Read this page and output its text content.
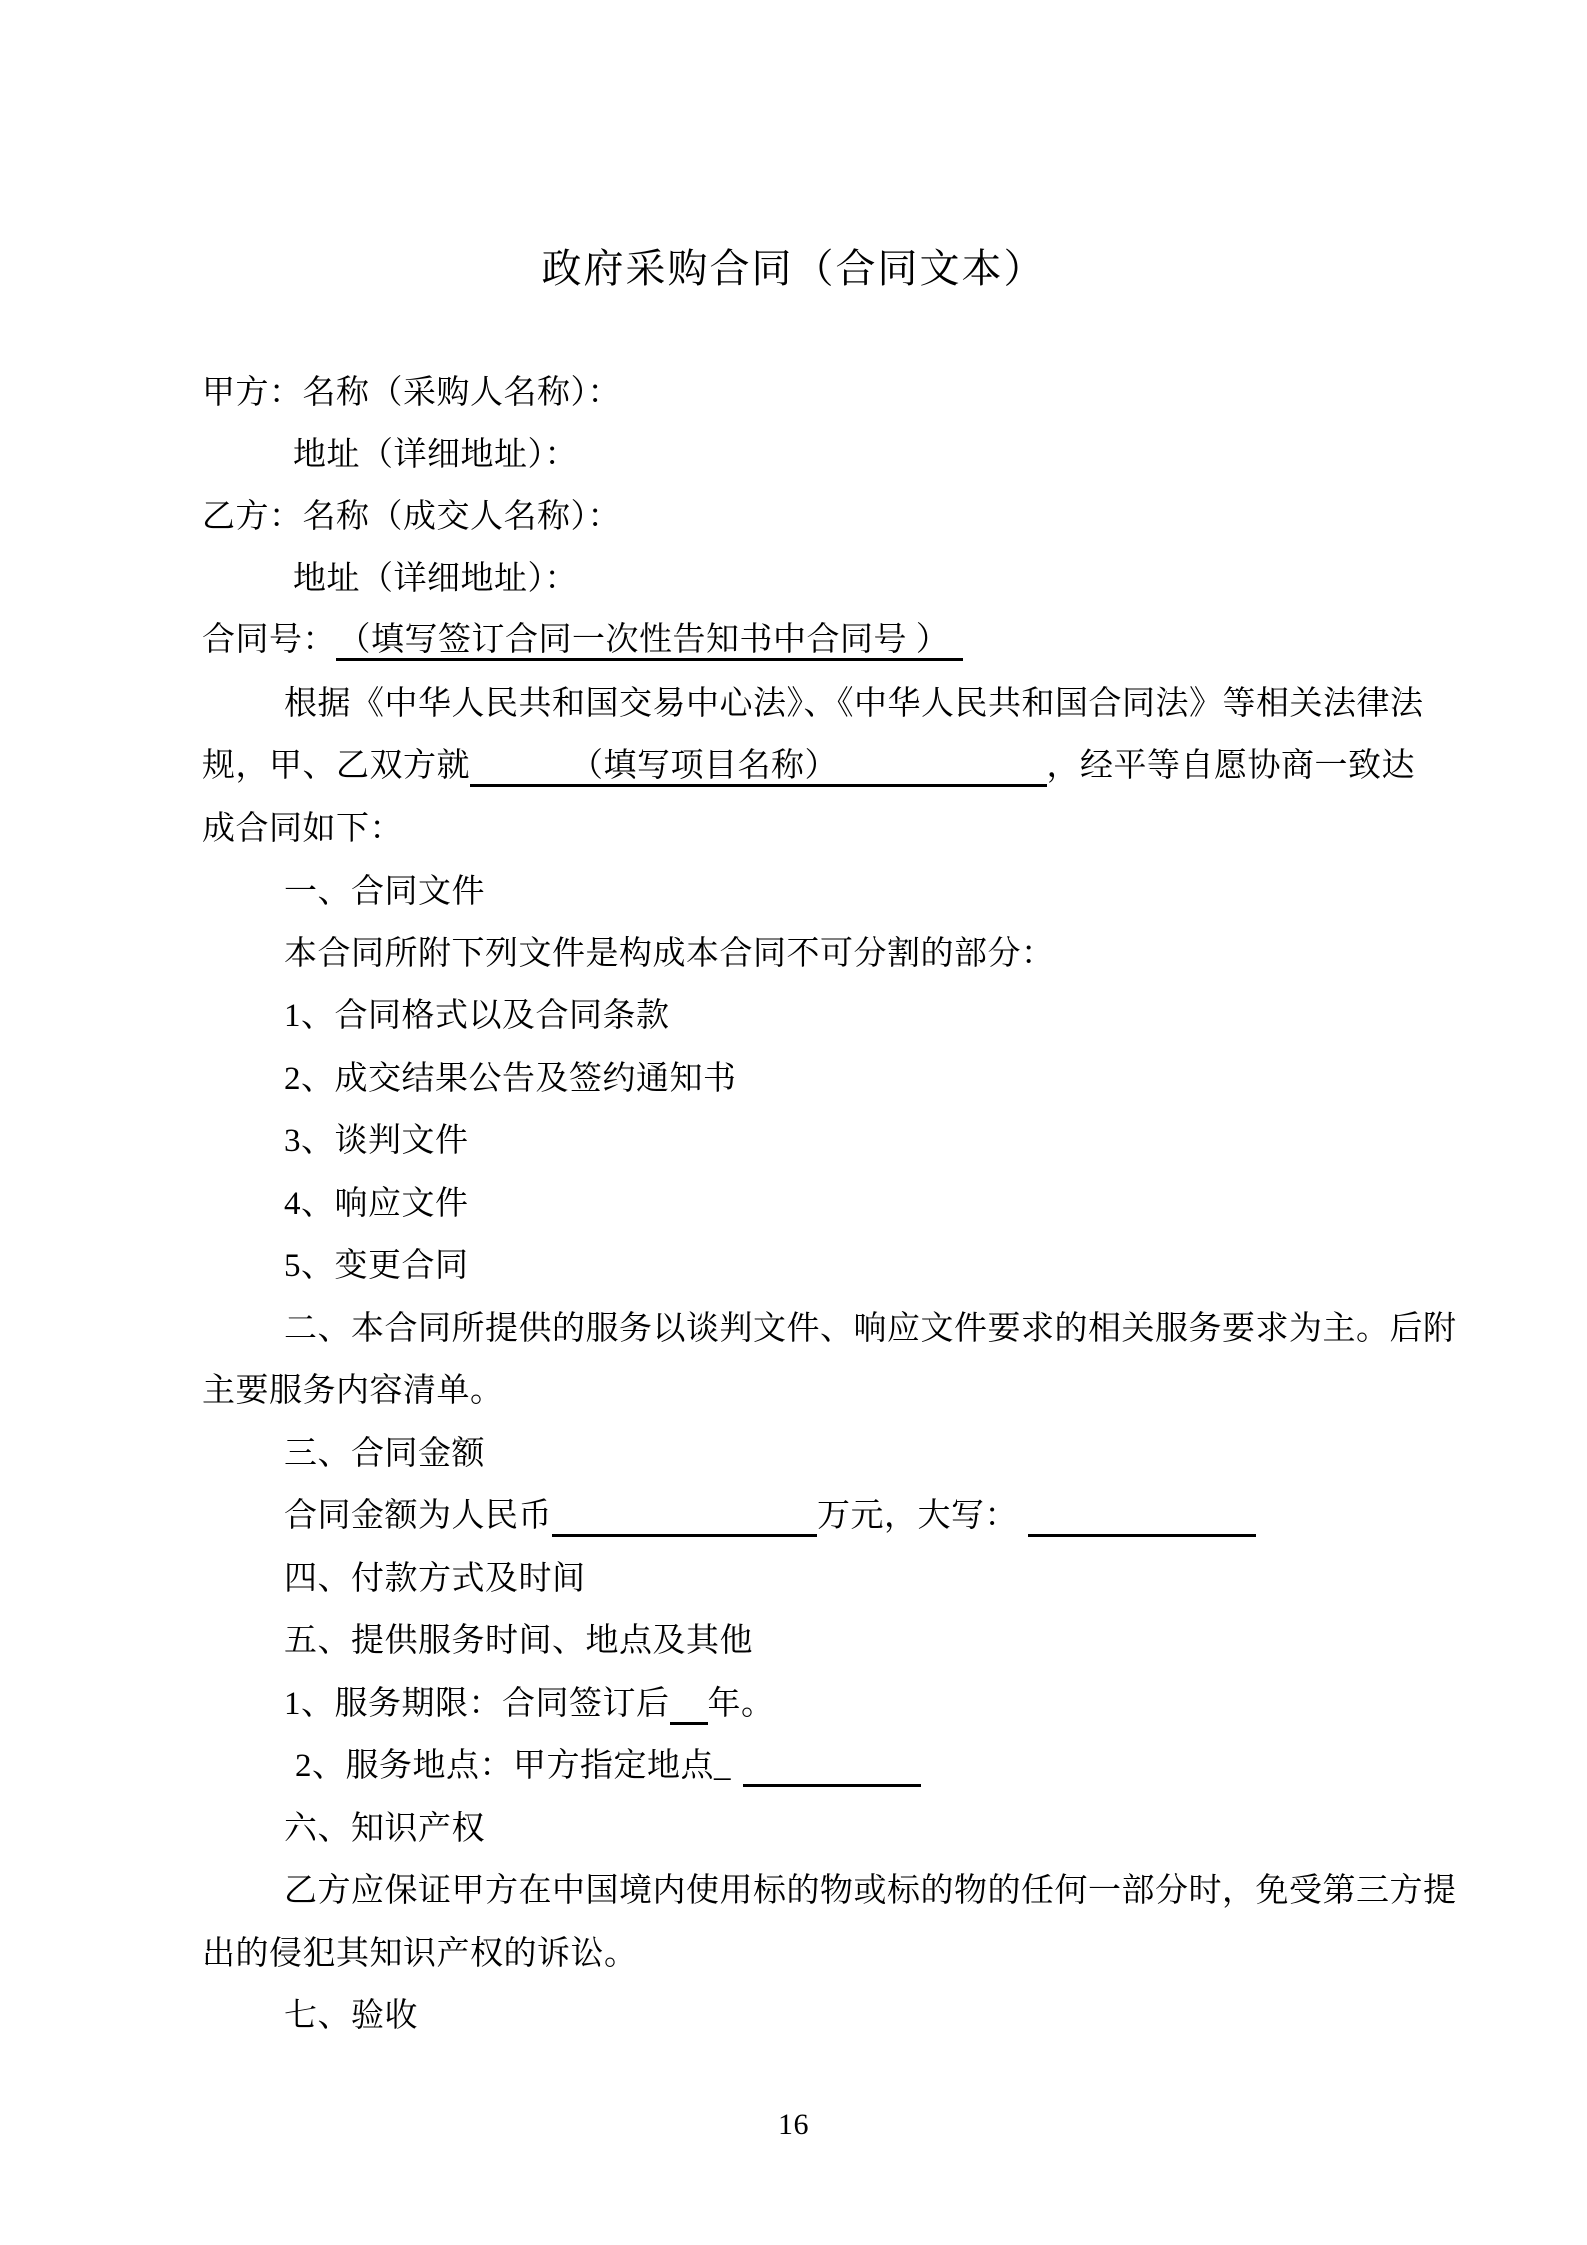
政府采购合同（合同文本）
甲方：名称（采购人名称）：
地址（详细地址）：
乙方：名称（成交人名称）：
地址（详细地址）：
合同号： （填写签订合同一次性告知书中合同号 ）
根据《中华人民共和国交易中心法》、《中华人民共和国合同法》等相关法律法
规，甲、乙双方就	（填写项目名称）	，经平等自愿协商一致达
成合同如下：
一、合同文件
本合同所附下列文件是构成本合同不可分割的部分：
1、合同格式以及合同条款
2、成交结果公告及签约通知书
3、谈判文件
4、响应文件
5、变更合同
二、本合同所提供的服务以谈判文件、响应文件要求的相关服务要求为主。后附
主要服务内容清单。
三、合同金额
合同金额为人民币	万元，大写：
四、付款方式及时间
五、提供服务时间、地点及其他
1、服务期限：合同签订后 年。
2、服务地点：甲方指定地点_
六、知识产权
乙方应保证甲方在中国境内使用标的物或标的物的任何一部分时，免受第三方提
出的侵犯其知识产权的诉讼。
七、验收
16
